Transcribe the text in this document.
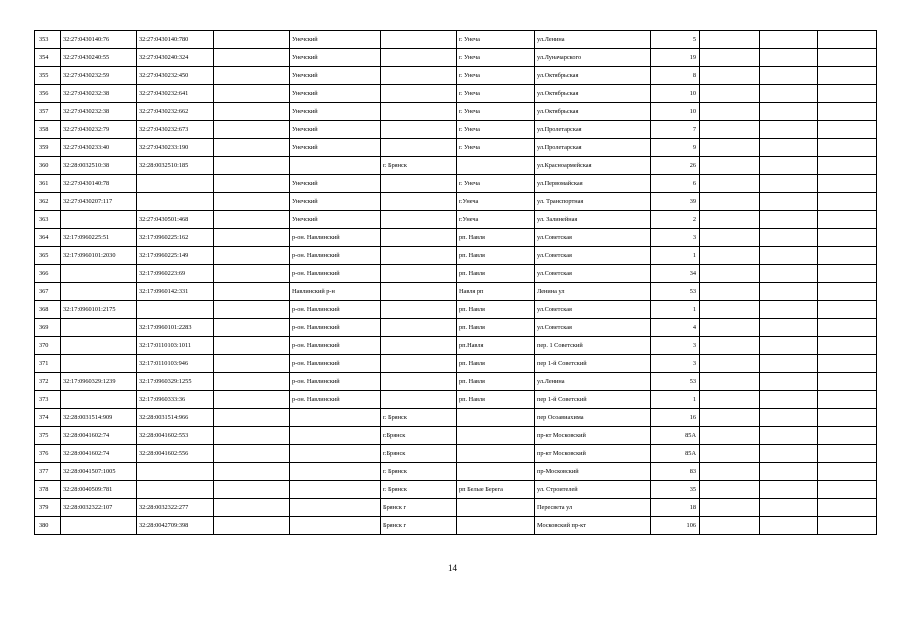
353	32:27:0430140:76	32:27:0430140:780		Унечский		г. Унеча	ул.Ленина	5			
354	32:27:0430240:55	32:27:0430240:324		Унечский		г. Унеча	ул.Луначарского	19			
355	32:27:0430232:59	32:27:0430232:450		Унечский		г. Унеча	ул.Октябрьская	8			
356	32:27:0430232:38	32:27:0430232:641		Унечский		г. Унеча	ул.Октябрьская	10			
357	32:27:0430232:38	32:27:0430232:662		Унечский		г. Унеча	ул.Октябрьская	10			
358	32:27:0430232:79	32:27:0430232:673		Унечский		г. Унеча	ул.Пролетарская	7			
359	32:27:0430233:40	32:27:0430233:190		Унечский		г. Унеча	ул.Пролетарская	9			
360	32:28:0032510:38	32:28:0032510:185			г. Брянск		ул.Красноармейская	26			
361	32:27:0430140:78			Унечский		г. Унеча	ул.Первомайская	6			
362	32:27:0430207:117			Унечский		г.Унеча	ул. Транспортная	39			
363		32:27:0430501:468		Унечский		г.Унеча	ул. Залинейная	2			
364	32:17:0960225:51	32:17:0960225:162		р-он. Навлинский		рп. Навля	ул.Советская	3			
365	32:17:0960101:2030	32:17:0960225:149		р-он. Навлинский		рп. Навля	ул.Советская	1			
366		32:17:0960223:69		р-он. Навлинский		рп. Навля	ул.Советская	34			
367		32:17:0960142:331		Навлинский р-н		Навля рп	Ленина ул	53			
368	32:17:0960101:2175			р-он. Навлинский		рп. Навля	ул.Советская	1			
369		32:17:0960101:2283		р-он. Навлинский		рп. Навля	ул.Советская	4			
370		32:17:0110103:1011		р-он. Навлинский		рп.Навля	пер. 1 Советский	3			
371		32:17:0110103:946		р-он. Навлинский		рп. Навля	пер 1-й Советский	3			
372	32:17:0960329:1239	32:17:0960329:1255		р-он. Навлинский		рп. Навля	ул.Ленина	53			
373		32:17:0960333:36		р-он. Навлинский		рп. Навля	пер 1-й Советский	1			
374	32:28:0031514:909	32:28:0031514:966			г. Брянск		пер Осоавиахима	16			
375	32:28:0041602:74	32:28:0041602:553			г.Брянск		пр-кт Московский	85А			
376	32:28:0041602:74	32:28:0041602:556			г.Брянск		пр-кт Московский	85А			
377	32:28:0041507:1005				г. Брянск		пр-Московский	83			
378	32:28:0040509:781				г. Брянск	рп Белые Берега	ул. Строителей	35			
379	32:28:0032322:107	32:28:0032322:277			Брянск г		Пересвета ул	18			
380		32:28:0042709:398			Брянск г		Московский пр-кт	106			
14
